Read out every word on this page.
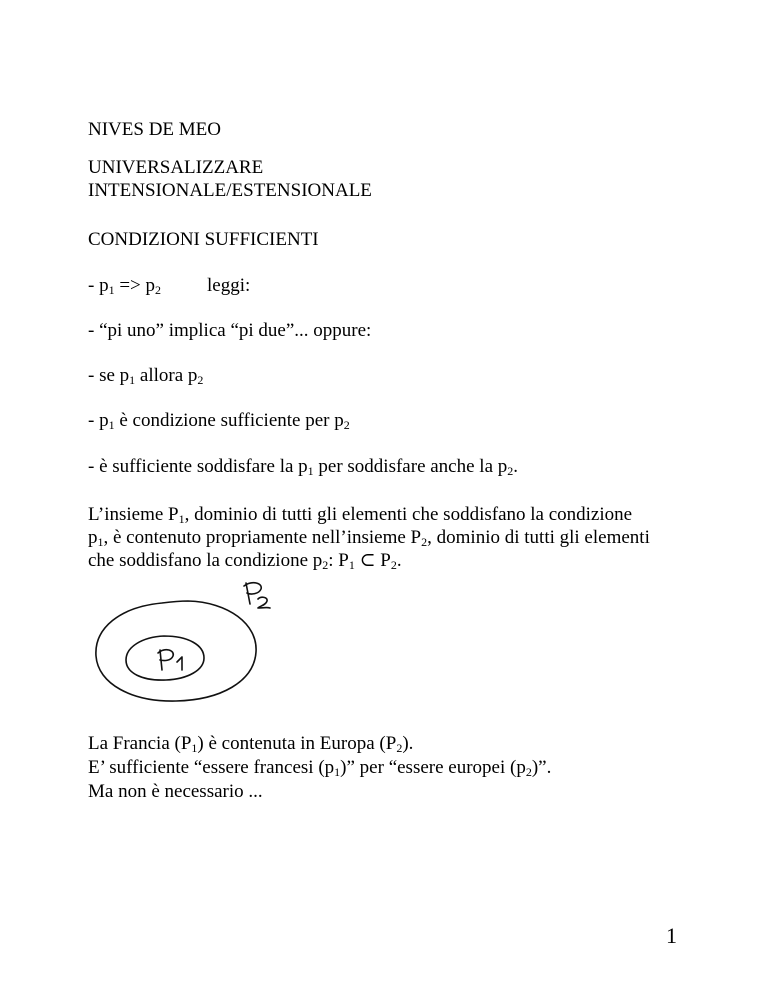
NIVES DE MEO
UNIVERSALIZZARE
INTENSIONALE/ESTENSIONALE
CONDIZIONI SUFFICIENTI
- $p_1 => p_2$ leggi:
- “pi uno” implica “pi due”... oppure:
- se $p_1$ allora $p_2$
- $p_1$ è condizione sufficiente per $p_2$
- è sufficiente soddisfare la $p_1$ per soddisfare anche la $p_2$.
L’insieme $P_1$, dominio di tutti gli elementi che soddisfano la condizione
$p_1$, è contenuto propriamente nell’insieme $P_2$, dominio di tutti gli elementi
che soddisfano la condizione $p_2$: $P_1$ ⊂ $P_2$.
La Francia $(P_1)$ è contenuta in Europa $(P_2)$.
E’ sufficiente “essere francesi $(p_1)$” per “essere europei $(p_2)$”.
Ma non è necessario ...
1
